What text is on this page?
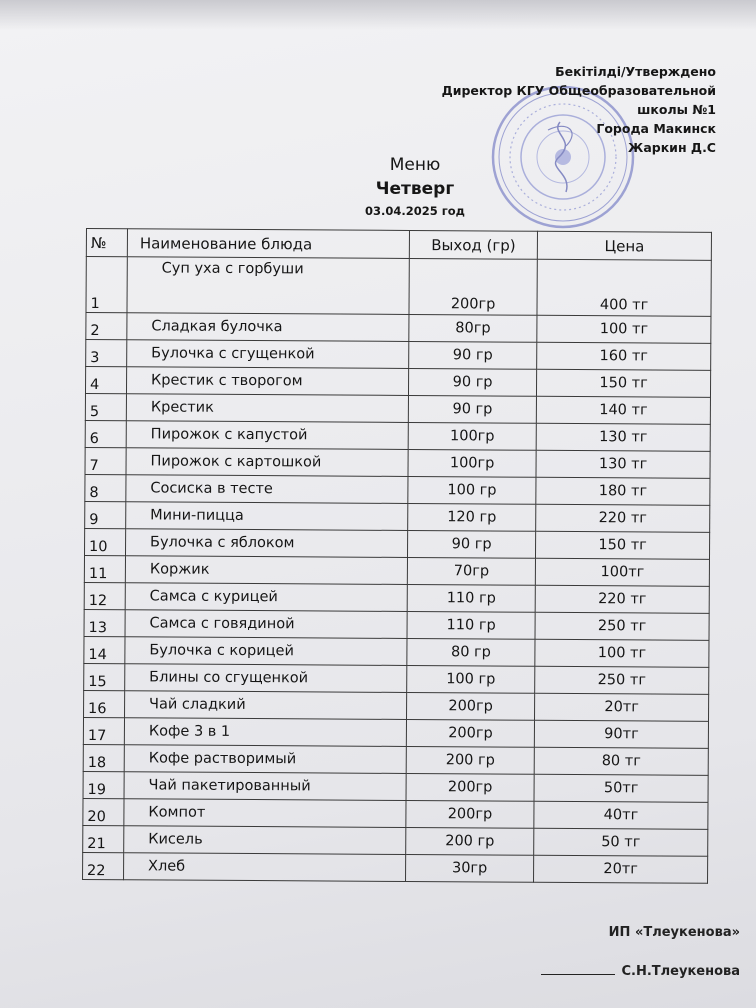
Бекітілді/Утверждено
Директор КГУ Общеобразовательной
школы №1
Города Макинск
Жаркин Д.С
Меню
Четверг
03.04.2025 год
№	Наименование блюда	Выход (гр)	Цена
1	Суп уха с горбуши	200гр	400 тг
2	Сладкая булочка	80гр	100 тг
3	Булочка с сгущенкой	90 гр	160 тг
4	Крестик с творогом	90 гр	150 тг
5	Крестик	90 гр	140 тг
6	Пирожок с капустой	100гр	130 тг
7	Пирожок с картошкой	100гр	130 тг
8	Сосиска в тесте	100 гр	180 тг
9	Мини-пицца	120 гр	220 тг
10	Булочка с яблоком	90 гр	150 тг
11	Коржик	70гр	100тг
12	Самса с курицей	110 гр	220 тг
13	Самса с говядиной	110 гр	250 тг
14	Булочка с корицей	80 гр	100 тг
15	Блины со сгущенкой	100 гр	250 тг
16	Чай сладкий	200гр	20тг
17	Кофе 3 в 1	200гр	90тг
18	Кофе растворимый	200 гр	80 тг
19	Чай пакетированный	200гр	50тг
20	Компот	200гр	40тг
21	Кисель	200 гр	50 тг
22	Хлеб	30гр	20тг
ИП «Тлеукенова»
С.Н.Тлеукенова
